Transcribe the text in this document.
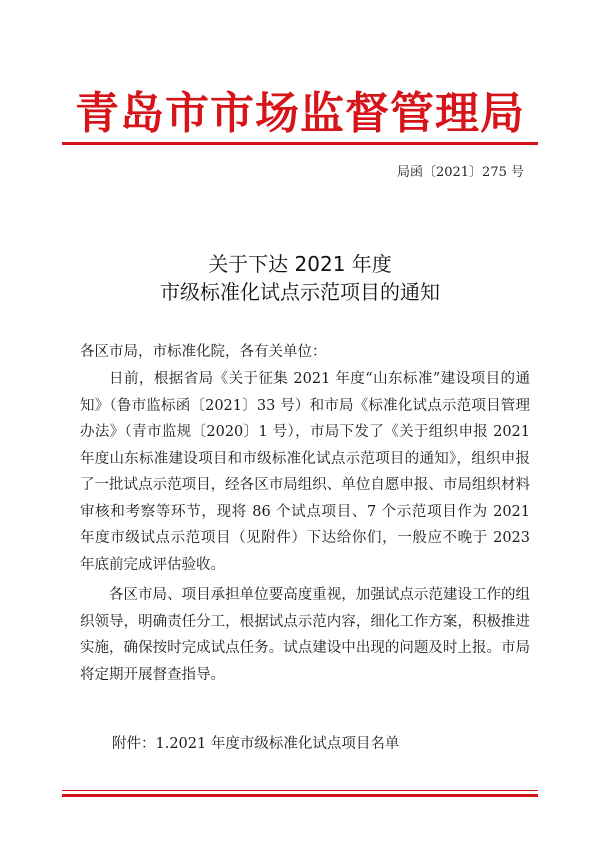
青岛市市场监督管理局
局函〔2021〕275 号
关于下达 2021 年度
市级标准化试点示范项目的通知
各区市局，市标准化院，各有关单位：

日前，根据省局《关于征集 2021 年度“山东标准”建设项目的通知》（鲁市监标函〔2021〕33 号）和市局《标准化试点示范项目管理办法》（青市监规〔2020〕1 号），市局下发了《关于组织申报 2021 年度山东标准建设项目和市级标准化试点示范项目的通知》，组织申报了一批试点示范项目，经各区市局组织、单位自愿申报、市局组织材料审核和考察等环节，现将 86 个试点项目、7 个示范项目作为 2021 年度市级试点示范项目（见附件）下达给你们，一般应不晚于 2023 年底前完成评估验收。

各区市局、项目承担单位要高度重视，加强试点示范建设工作的组织领导，明确责任分工，根据试点示范内容，细化工作方案，积极推进实施，确保按时完成试点任务。试点建设中出现的问题及时上报。市局将定期开展督查指导。

附件：1.2021 年度市级标准化试点项目名单
